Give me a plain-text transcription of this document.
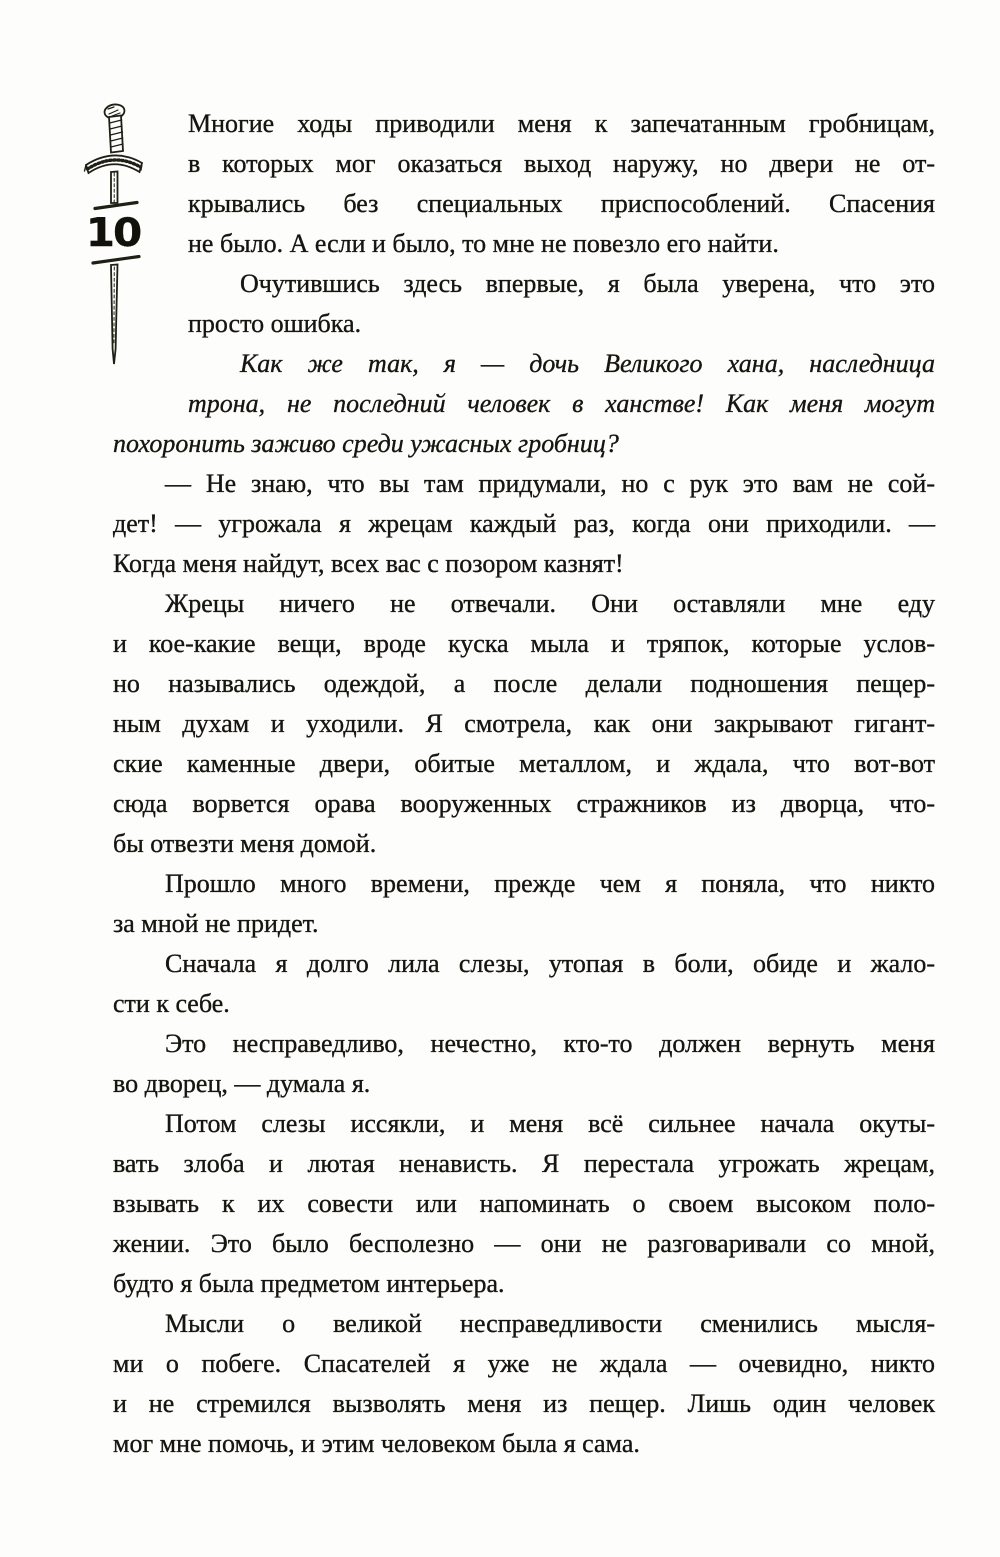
10
Многие ходы приводили меня к запечатанным гробницам,
в которых мог оказаться выход наружу, но двери не от-
крывались без специальных приспособлений. Спасения
не было. А если и было, то мне не повезло его найти.
Очутившись здесь впервые, я была уверена, что это
просто ошибка.
Как же так, я — дочь Великого хана, наследница
трона, не последний человек в ханстве! Как меня могут
похоронить заживо среди ужасных гробниц?
— Не знаю, что вы там придумали, но с рук это вам не сой-
дет! — угрожала я жрецам каждый раз, когда они приходили. —
Когда меня найдут, всех вас с позором казнят!
Жрецы ничего не отвечали. Они оставляли мне еду
и кое-какие вещи, вроде куска мыла и тряпок, которые услов-
но назывались одеждой, а после делали подношения пещер-
ным духам и уходили. Я смотрела, как они закрывают гигант-
ские каменные двери, обитые металлом, и ждала, что вот-вот
сюда ворвется орава вооруженных стражников из дворца, что-
бы отвезти меня домой.
Прошло много времени, прежде чем я поняла, что никто
за мной не придет.
Сначала я долго лила слезы, утопая в боли, обиде и жало-
сти к себе.
Это несправедливо, нечестно, кто-то должен вернуть меня
во дворец, — думала я.
Потом слезы иссякли, и меня всё сильнее начала окуты-
вать злоба и лютая ненависть. Я перестала угрожать жрецам,
взывать к их совести или напоминать о своем высоком поло-
жении. Это было бесполезно — они не разговаривали со мной,
будто я была предметом интерьера.
Мысли о великой несправедливости сменились мысля-
ми о побеге. Спасателей я уже не ждала — очевидно, никто
и не стремился вызволять меня из пещер. Лишь один человек
мог мне помочь, и этим человеком была я сама.
